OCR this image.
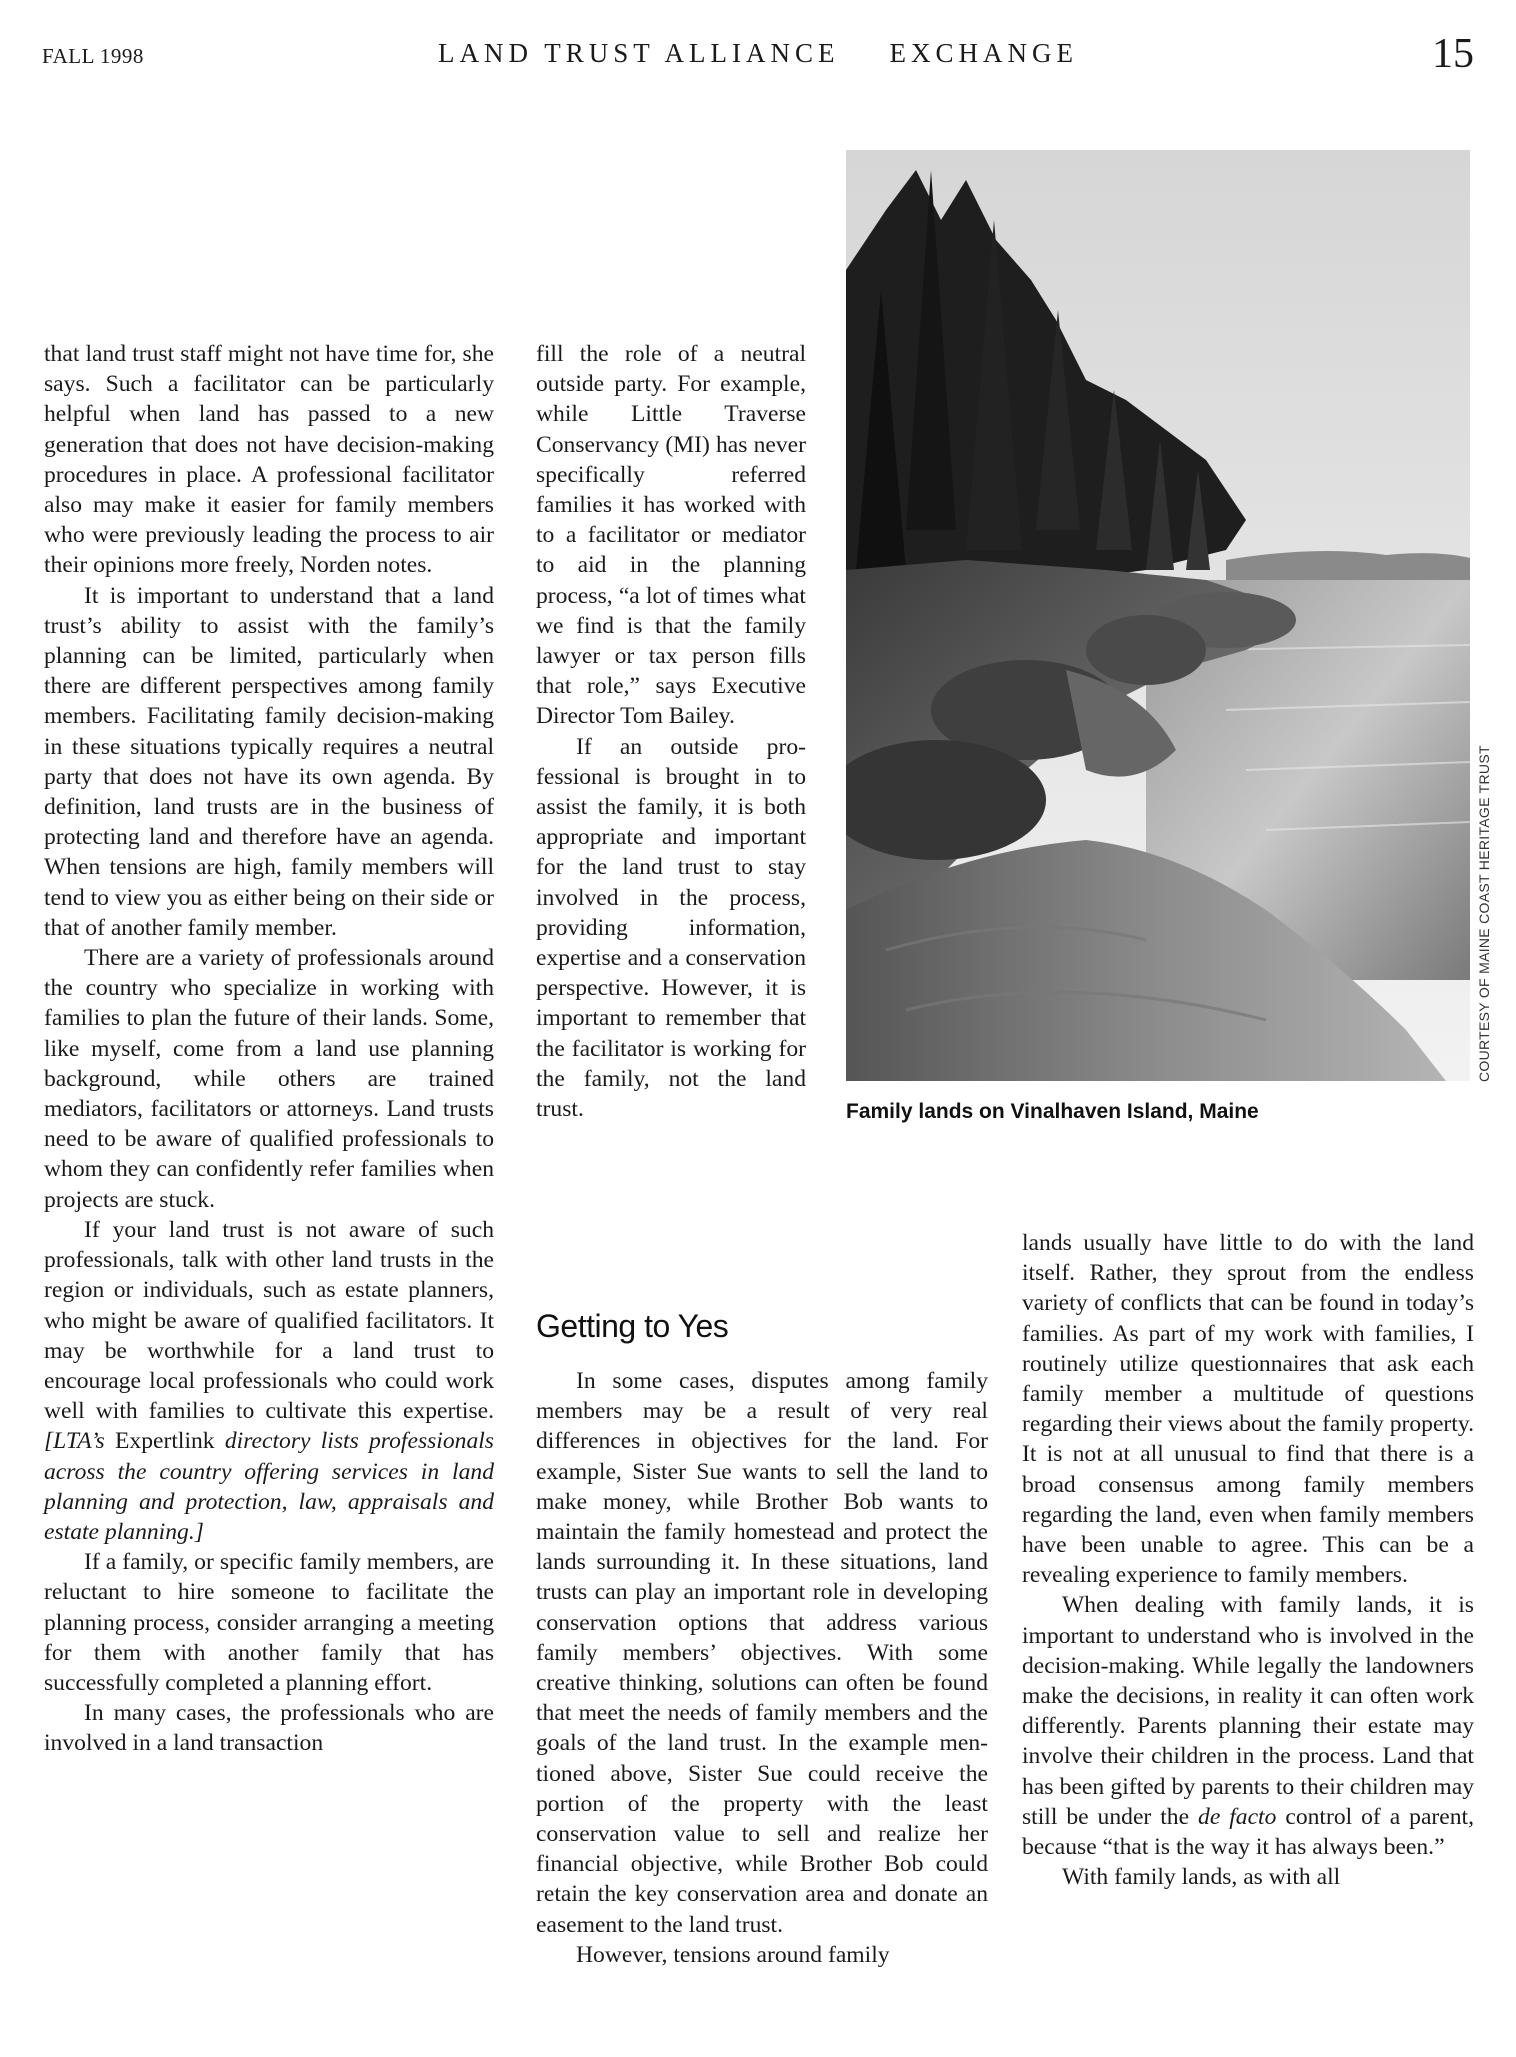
FALL 1998	LAND TRUST ALLIANCE EXCHANGE	15

that land trust staff might not have time for, she says. Such a facilitator can be particularly helpful when land has passed to a new generation that does not have decision-making procedures in place. A professional facilitator also may make it easier for family members who were previously leading the process to air their opinions more freely, Norden notes.

It is important to understand that a land trust’s ability to assist with the family’s planning can be limited, particularly when there are different perspectives among family members. Facilitating family decision-making in these situations typically requires a neutral party that does not have its own agenda. By definition, land trusts are in the business of protecting land and therefore have an agenda. When tensions are high, family members will tend to view you as either being on their side or that of another family member.

There are a variety of professionals around the country who specialize in working with families to plan the future of their lands. Some, like myself, come from a land use planning background, while others are trained mediators, facilitators or attorneys. Land trusts need to be aware of qualified professionals to whom they can confidently refer families when projects are stuck.

If your land trust is not aware of such professionals, talk with other land trusts in the region or individuals, such as estate planners, who might be aware of qualified facilitators. It may be worthwhile for a land trust to encourage local professionals who could work well with families to cultivate this expertise. [LTA’s Expertlink directory lists professionals across the country offering services in land planning and protection, law, appraisals and estate planning.]

If a family, or specific family members, are reluctant to hire someone to facilitate the planning process, consider arranging a meeting for them with another family that has successfully completed a planning effort.

In many cases, the professionals who are involved in a land transaction

fill the role of a neutral outside party. For example, while Little Traverse Conservancy (MI) has never specifically referred families it has worked with to a facilitator or mediator to aid in the planning process, “a lot of times what we find is that the family lawyer or tax person fills that role,” says Executive Director Tom Bailey.

If an outside professional is brought in to assist the family, it is both appropriate and important for the land trust to stay involved in the process, providing information, expertise and a conservation perspective. However, it is important to remember that the facilitator is working for the family, not the land trust.

Getting to Yes

In some cases, disputes among family members may be a result of very real differences in objectives for the land. For example, Sister Sue wants to sell the land to make money, while Brother Bob wants to maintain the family homestead and protect the lands surrounding it. In these situations, land trusts can play an important role in developing conservation options that address various family members’ objectives. With some creative thinking, solutions can often be found that meet the needs of family members and the goals of the land trust. In the example mentioned above, Sister Sue could receive the portion of the property with the least conservation value to sell and realize her financial objective, while Brother Bob could retain the key conservation area and donate an easement to the land trust.

However, tensions around family

lands usually have little to do with the land itself. Rather, they sprout from the endless variety of conflicts that can be found in today’s families. As part of my work with families, I routinely utilize questionnaires that ask each family member a multitude of questions regarding their views about the family property. It is not at all unusual to find that there is a broad consensus among family members regarding the land, even when family members have been unable to agree. This can be a revealing experience to family members.

When dealing with family lands, it is important to understand who is involved in the decision-making. While legally the landowners make the decisions, in reality it can often work differently. Parents planning their estate may involve their children in the process. Land that has been gifted by parents to their children may still be under the de facto control of a parent, because “that is the way it has always been.”

With family lands, as with all

COURTESY OF MAINE COAST HERITAGE TRUST
Family lands on Vinalhaven Island, Maine
